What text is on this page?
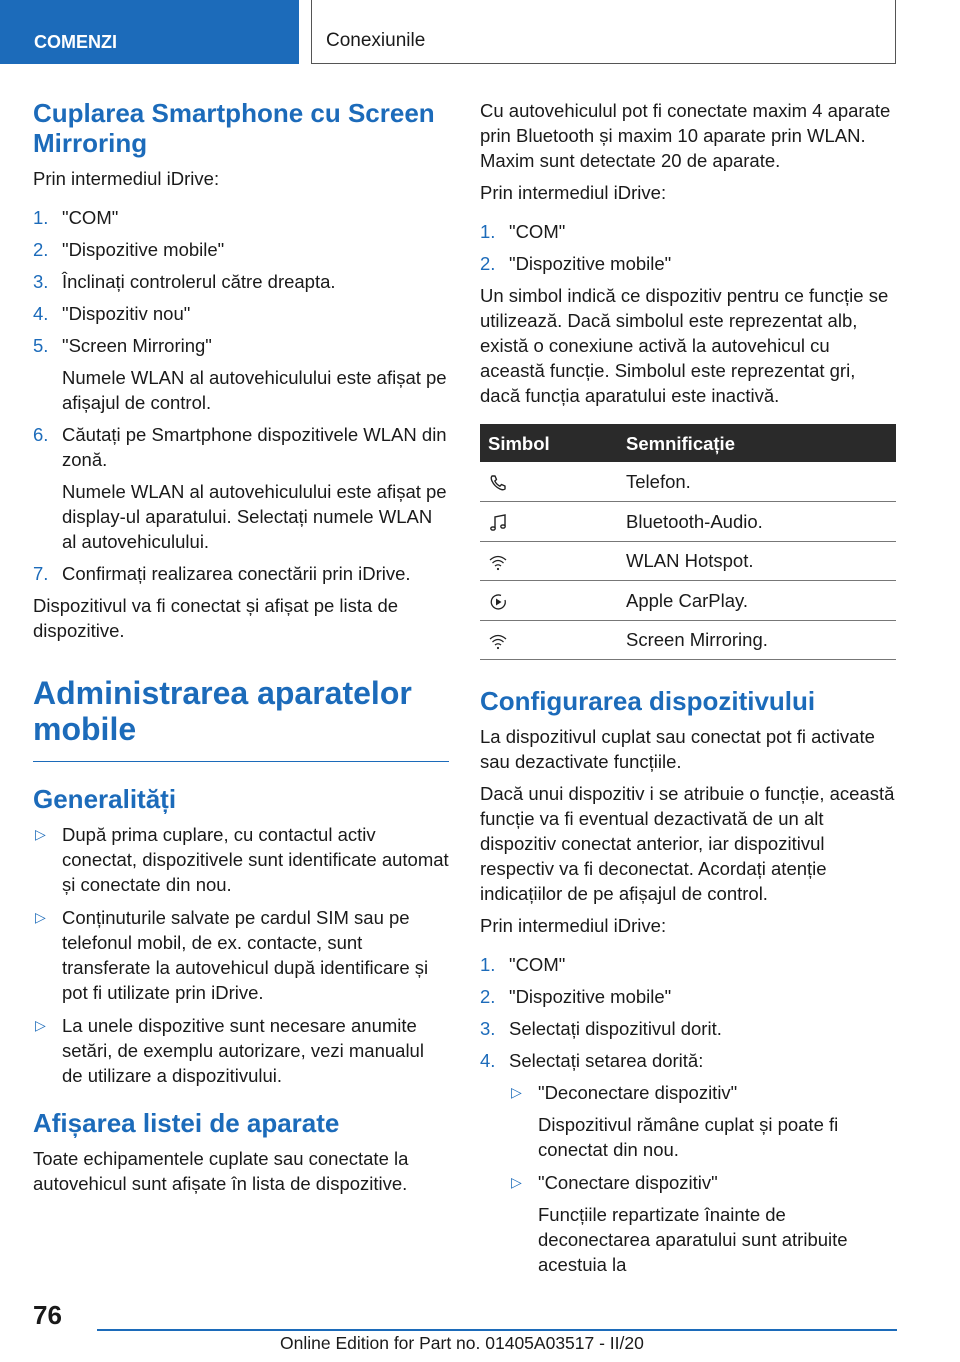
COMENZI	Conexiunile
Cuplarea Smartphone cu Screen Mirroring

Prin intermediul iDrive:

1. "COM"
2. "Dispozitive mobile"
3. Înclinați controlerul către dreapta.
4. "Dispozitiv nou"
5. "Screen Mirroring"
Numele WLAN al autovehiculului este afișat pe afișajul de control.
6. Căutați pe Smartphone dispozitivele WLAN din zonă.
Numele WLAN al autovehiculului este afișat pe display-ul aparatului. Selectați numele WLAN al autovehiculului.
7. Confirmați realizarea conectării prin iDrive.

Dispozitivul va fi conectat și afișat pe lista de dispozitive.

Administrarea aparatelor mobile
Generalități
▷ După prima cuplare, cu contactul activ conectat, dispozitivele sunt identificate automat și conectate din nou.
▷ Conținuturile salvate pe cardul SIM sau pe telefonul mobil, de ex. contacte, sunt transferate la autovehicul după identificare și pot fi utilizate prin iDrive.
▷ La unele dispozitive sunt necesare anumite setări, de exemplu autorizare, vezi manualul de utilizare a dispozitivului.
Afișarea listei de aparate

Toate echipamentele cuplate sau conectate la autovehicul sunt afișate în lista de dispozitive.

Cu autovehiculul pot fi conectate maxim 4 aparate prin Bluetooth și maxim 10 aparate prin WLAN. Maxim sunt detectate 20 de aparate.

Prin intermediul iDrive:

1. "COM"
2. "Dispozitive mobile"

Un simbol indică ce dispozitiv pentru ce funcție se utilizează. Dacă simbolul este reprezentat alb, există o conexiune activă la autovehicul cu această funcție. Simbolul este reprezentat gri, dacă funcția aparatului este inactivă.

Simbol	Semnificație
	Telefon.
	Bluetooth-Audio.
	WLAN Hotspot.
	Apple CarPlay.
	Screen Mirroring.
Configurarea dispozitivului

La dispozitivul cuplat sau conectat pot fi activate sau dezactivate funcțiile.

Dacă unui dispozitiv i se atribuie o funcție, această funcție va fi eventual dezactivată de un alt dispozitiv conectat anterior, iar dispozitivul respectiv va fi deconectat. Acordați atenție indicațiilor de pe afișajul de control.

Prin intermediul iDrive:

1. "COM"
2. "Dispozitive mobile"
3. Selectați dispozitivul dorit.
4. Selectați setarea dorită:
▷ "Deconectare dispozitiv"
Dispozitivul rămâne cuplat și poate fi conectat din nou.
▷ "Conectare dispozitiv"
Funcțiile repartizate înainte de deconectarea aparatului sunt atribuite acestuia la
76
Online Edition for Part no. 01405A03517 - II/20
